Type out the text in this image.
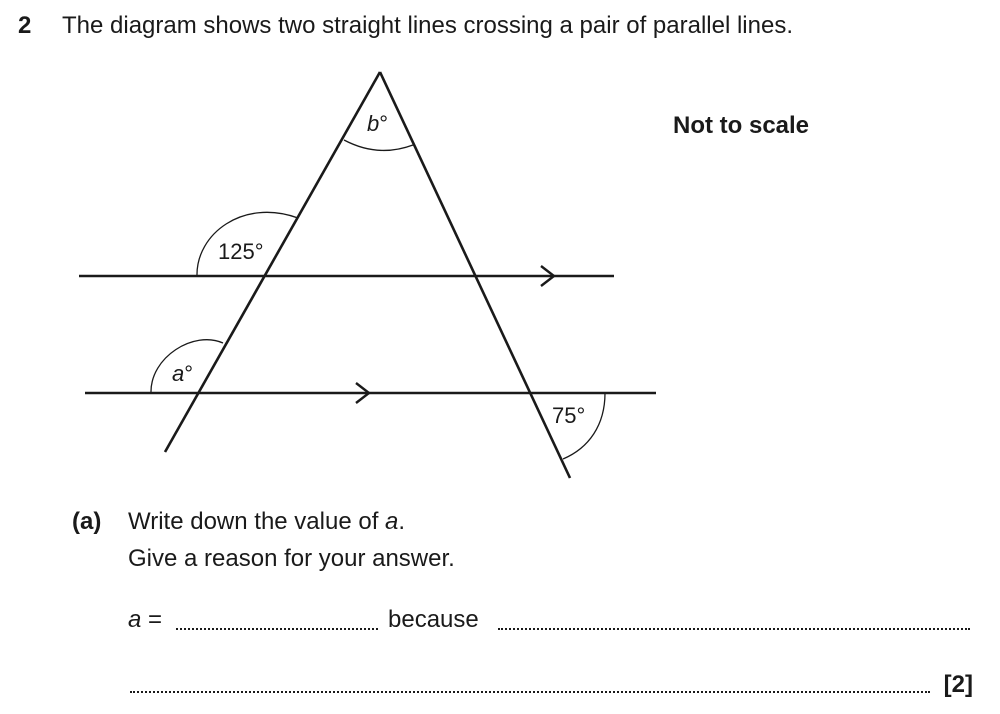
2 The diagram shows two straight lines crossing a pair of parallel lines.
Not to scale
b°
125°
a°
75°
(a) Write down the value of a.
Give a reason for your answer.
a =	because
[2]
